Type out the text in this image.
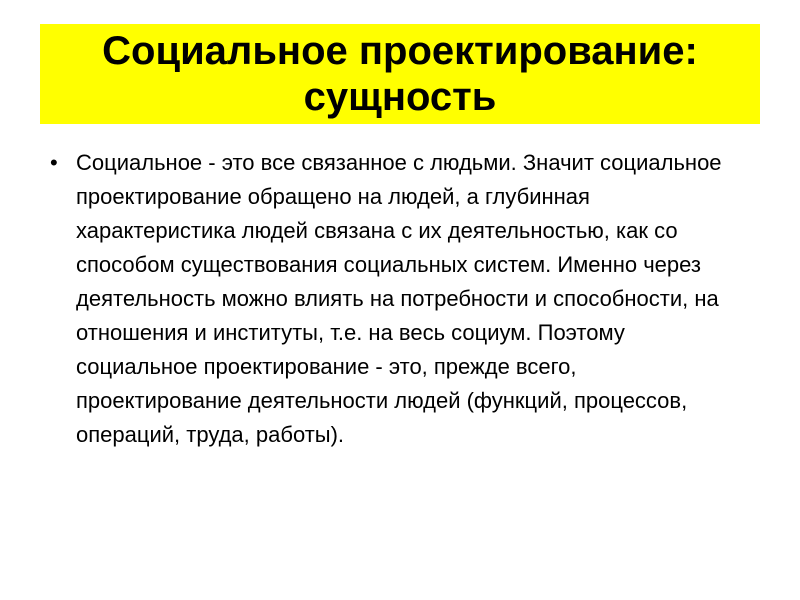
Социальное проектирование: сущность
• Социальное - это все связанное с людьми. Значит социальное проектирование обращено на людей, а глубинная характеристика людей связана с их деятельностью, как со способом существования социальных систем. Именно через деятельность можно влиять на потребности и способности, на отношения и институты, т.е. на весь социум. Поэтому социальное проектирование - это, прежде всего, проектирование деятельности людей (функций, процессов, операций, труда, работы).
